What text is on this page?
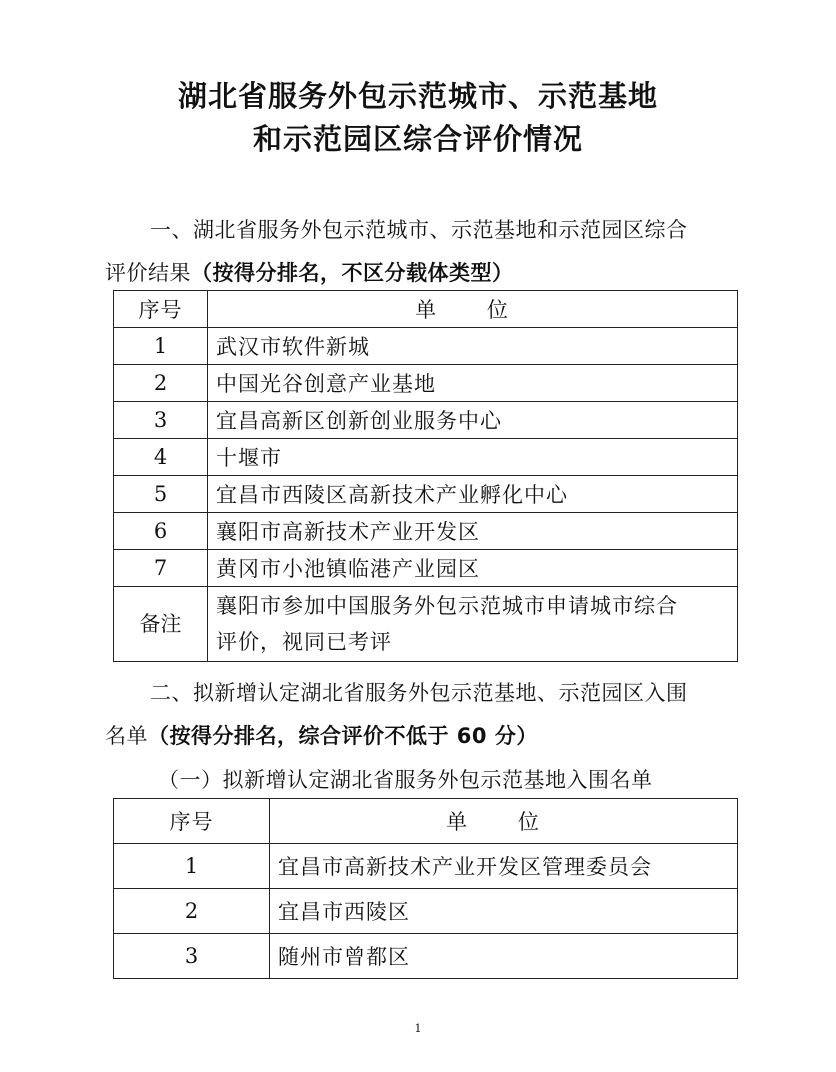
湖北省服务外包示范城市、示范基地
和示范园区综合评价情况
一、湖北省服务外包示范城市、示范基地和示范园区综合
评价结果（按得分排名，不区分载体类型）
序号	单 位
1	武汉市软件新城
2	中国光谷创意产业基地
3	宜昌高新区创新创业服务中心
4	十堰市
5	宜昌市西陵区高新技术产业孵化中心
6	襄阳市高新技术产业开发区
7	黄冈市小池镇临港产业园区
备注	襄阳市参加中国服务外包示范城市申请城市综合
评价，视同已考评
二、拟新增认定湖北省服务外包示范基地、示范园区入围
名单（按得分排名，综合评价不低于 60 分）
（一）拟新增认定湖北省服务外包示范基地入围名单
序号	单 位
1	宜昌市高新技术产业开发区管理委员会
2	宜昌市西陵区
3	随州市曾都区
1
